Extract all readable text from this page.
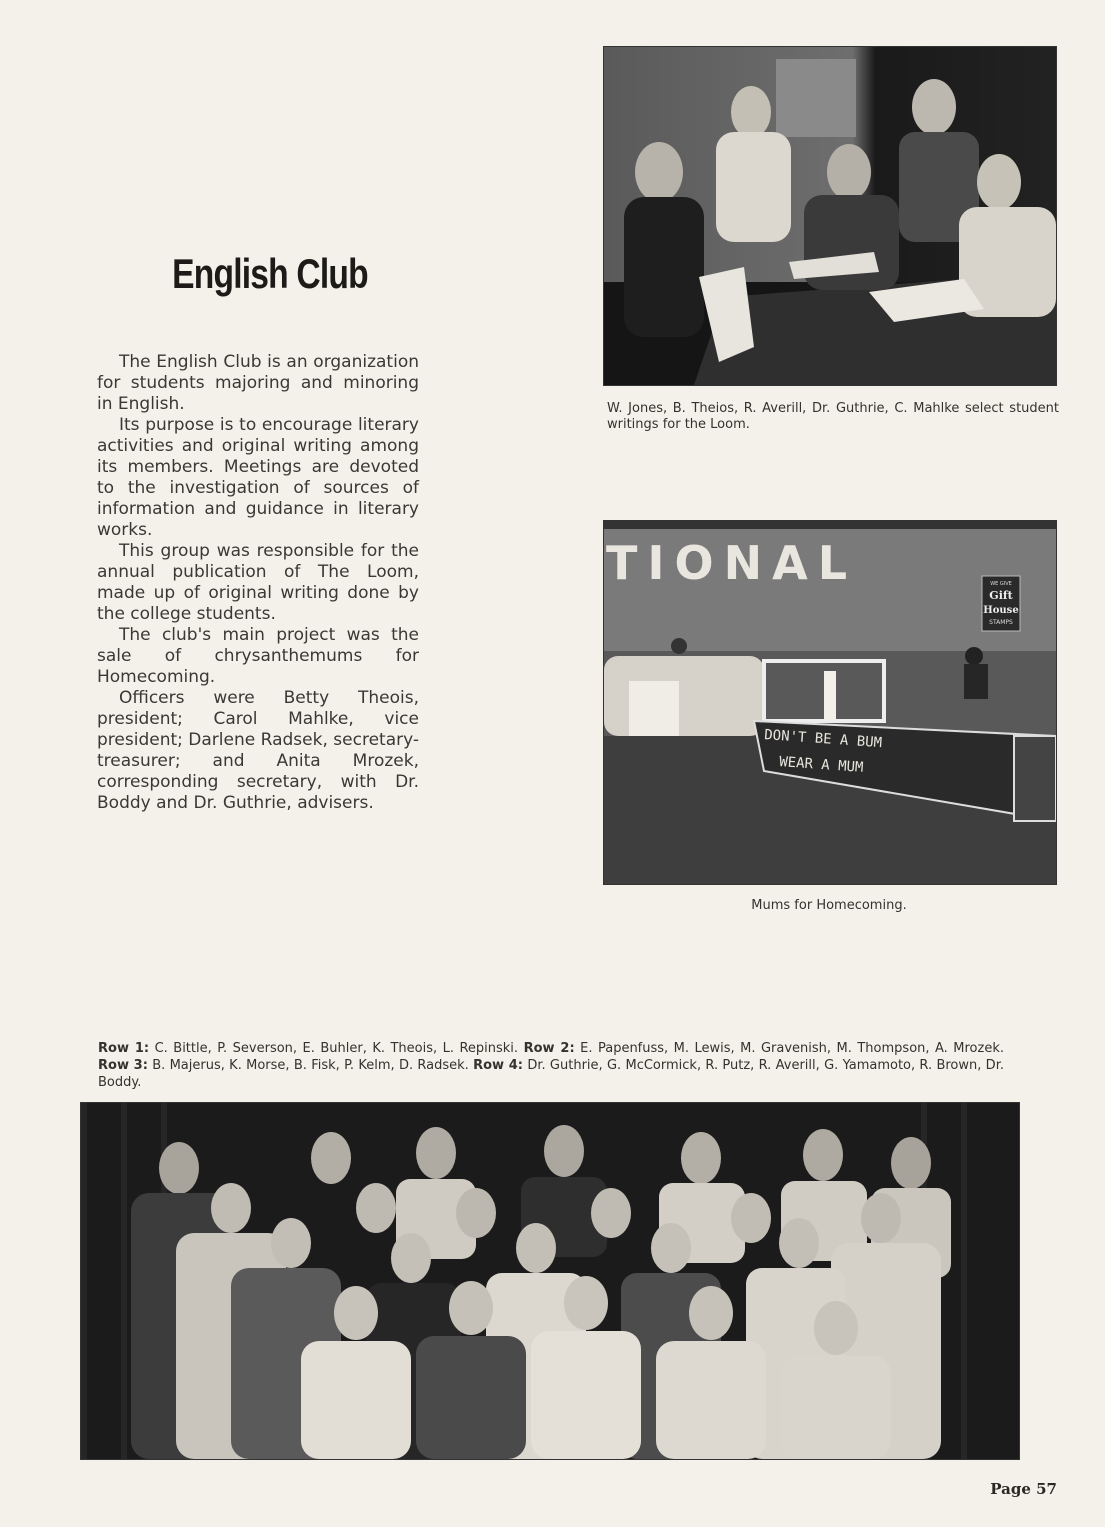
English Club

The English Club is an organization for students majoring and minoring in English.

Its purpose is to encourage literary activities and original writing among its members. Meetings are devoted to the investigation of sources of information and guidance in literary works.

This group was responsible for the annual publication of The Loom, made up of original writing done by the college students.

The club's main project was the sale of chrysanthemums for Homecoming.

Officers were Betty Theois, president; Carol Mahlke, vice president; Darlene Radsek, secretary-treasurer; and Anita Mrozek, corresponding secretary, with Dr. Boddy and Dr. Guthrie, advisers.

W. Jones, B. Theios, R. Averill, Dr. Guthrie, C. Mahlke select student writings for the Loom.

TIONAL	WE GIVE
Gift
House
STAMPS
DON'T BE A BUM
WEAR A MUM

Mums for Homecoming.

Row 1: C. Bittle, P. Severson, E. Buhler, K. Theois, L. Repinski. Row 2: E. Papenfuss, M. Lewis, M. Gravenish, M. Thompson, A. Mrozek. Row 3: B. Majerus, K. Morse, B. Fisk, P. Kelm, D. Radsek. Row 4: Dr. Guthrie, G. McCormick, R. Putz, R. Averill, G. Yamamoto, R. Brown, Dr. Boddy.

Page 57
